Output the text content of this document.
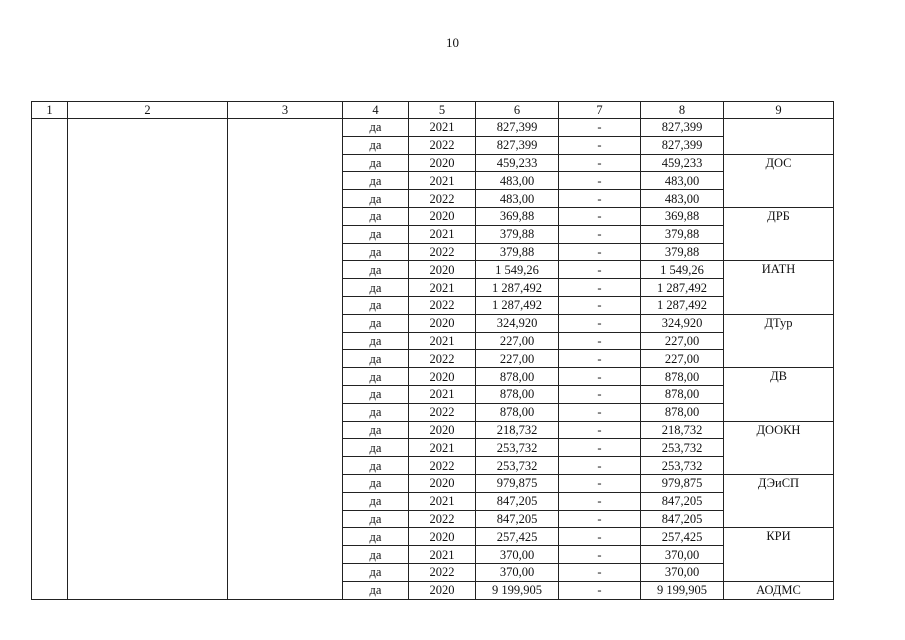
10
1	2	3	4	5	6	7	8	9
			да	2021	827,399	-	827,399	
			да	2022	827,399	-	827,399	
			да	2020	459,233	-	459,233	ДОС
			да	2021	483,00	-	483,00	
			да	2022	483,00	-	483,00	
			да	2020	369,88	-	369,88	ДРБ
			да	2021	379,88	-	379,88	
			да	2022	379,88	-	379,88	
			да	2020	1 549,26	-	1 549,26	ИАТН
			да	2021	1 287,492	-	1 287,492	
			да	2022	1 287,492	-	1 287,492	
			да	2020	324,920	-	324,920	ДТур
			да	2021	227,00	-	227,00	
			да	2022	227,00	-	227,00	
			да	2020	878,00	-	878,00	ДВ
			да	2021	878,00	-	878,00	
			да	2022	878,00	-	878,00	
			да	2020	218,732	-	218,732	ДООКН
			да	2021	253,732	-	253,732	
			да	2022	253,732	-	253,732	
			да	2020	979,875	-	979,875	ДЭиСП
			да	2021	847,205	-	847,205	
			да	2022	847,205	-	847,205	
			да	2020	257,425	-	257,425	КРИ
			да	2021	370,00	-	370,00	
			да	2022	370,00	-	370,00	
			да	2020	9 199,905	-	9 199,905	АОДМС
